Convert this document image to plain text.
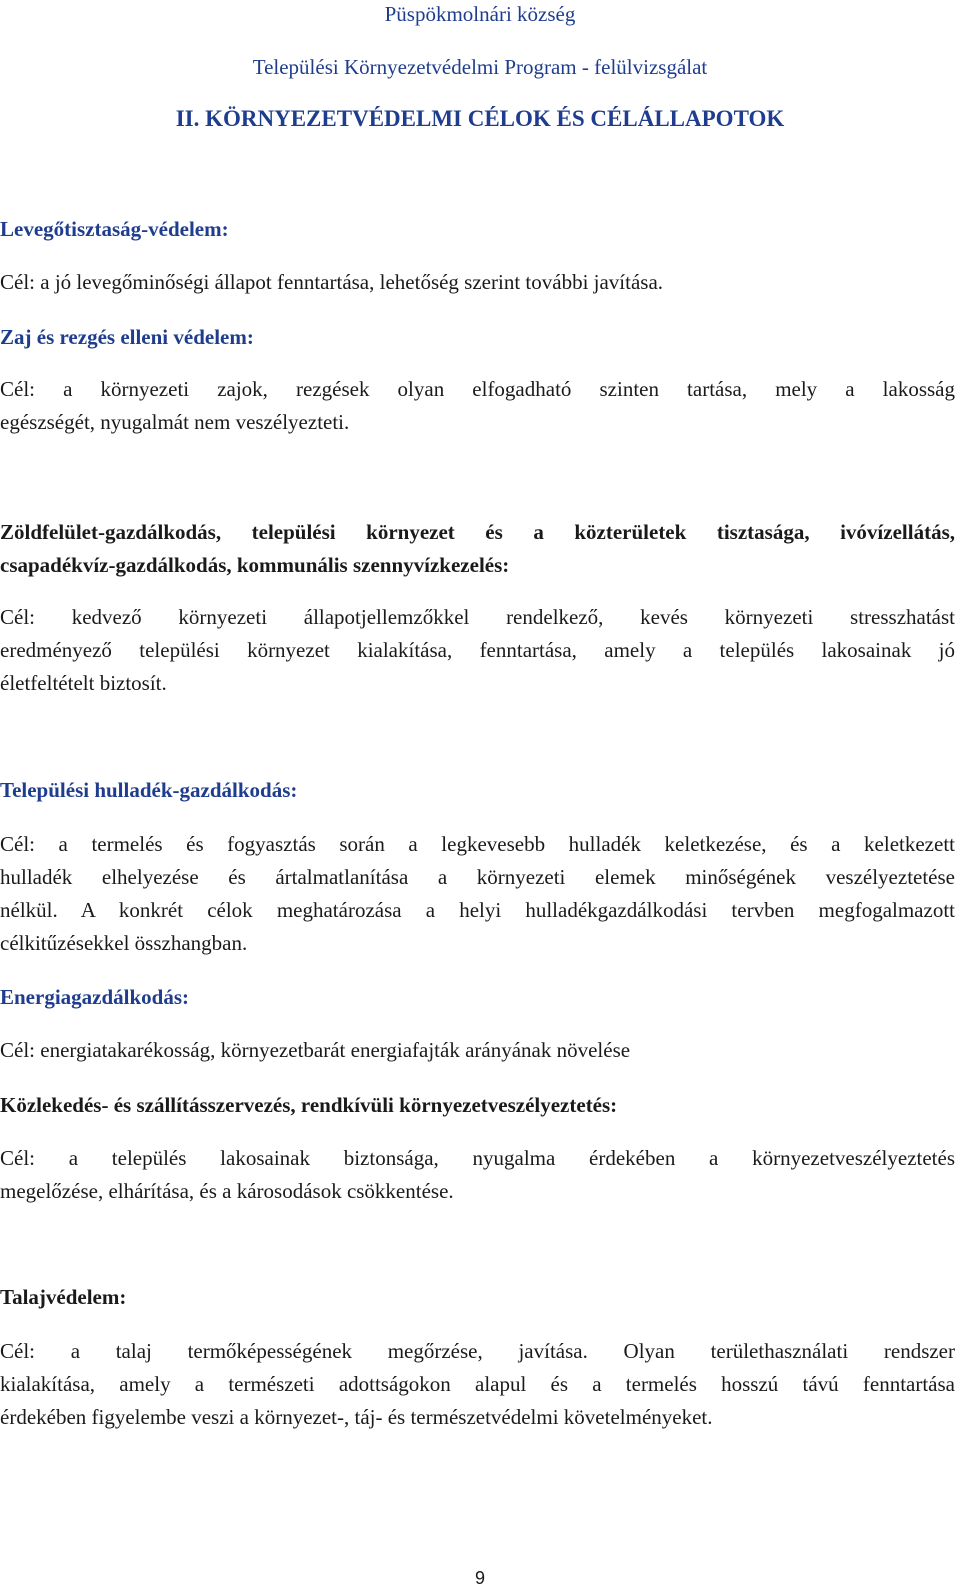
Püspökmolnári község

Települési Környezetvédelmi Program - felülvizsgálat

II. KÖRNYEZETVÉDELMI CÉLOK ÉS CÉLÁLLAPOTOK

Levegőtisztaság-védelem:

Cél: a jó levegőminőségi állapot fenntartása, lehetőség szerint további javítása.

Zaj és rezgés elleni védelem:

Cél: a környezeti zajok, rezgések olyan elfogadható szinten tartása, mely a lakosság
egészségét, nyugalmát nem veszélyezteti.
Zöldfelület-gazdálkodás, települési környezet és a közterületek tisztasága, ivóvízellátás,
csapadékvíz-gazdálkodás, kommunális szennyvízkezelés:
Cél: kedvező környezeti állapotjellemzőkkel rendelkező, kevés környezeti stresszhatást
eredményező települési környezet kialakítása, fenntartása, amely a település lakosainak jó
életfeltételt biztosít.

Települési hulladék-gazdálkodás:

Cél: a termelés és fogyasztás során a legkevesebb hulladék keletkezése, és a keletkezett
hulladék elhelyezése és ártalmatlanítása a környezeti elemek minőségének veszélyeztetése
nélkül. A konkrét célok meghatározása a helyi hulladékgazdálkodási tervben megfogalmazott
célkitűzésekkel összhangban.

Energiagazdálkodás:

Cél: energiatakarékosság, környezetbarát energiafajták arányának növelése

Közlekedés- és szállításszervezés, rendkívüli környezetveszélyeztetés:

Cél: a település lakosainak biztonsága, nyugalma érdekében a környezetveszélyeztetés
megelőzése, elhárítása, és a károsodások csökkentése.

Talajvédelem:

Cél: a talaj termőképességének megőrzése, javítása. Olyan területhasználati rendszer
kialakítása, amely a természeti adottságokon alapul és a termelés hosszú távú fenntartása
érdekében figyelembe veszi a környezet-, táj- és természetvédelmi követelményeket.

9
